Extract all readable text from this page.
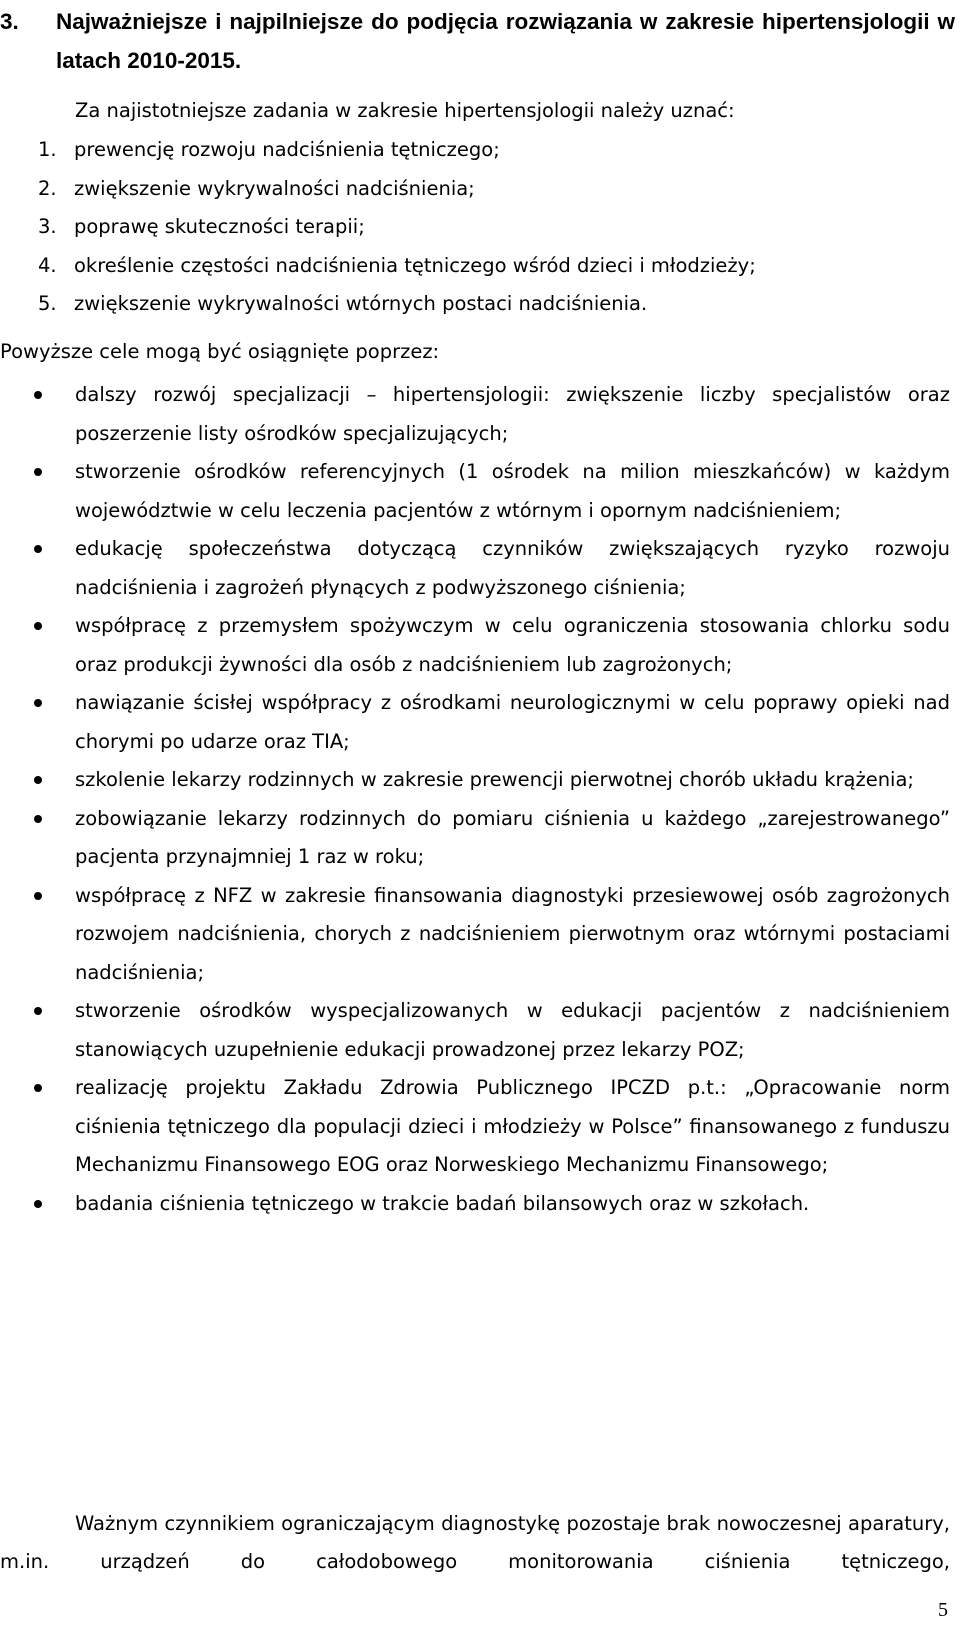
3. Najważniejsze i najpilniejsze do podjęcia rozwiązania w zakresie hipertensjologii w latach 2010-2015.
Za najistotniejsze zadania w zakresie hipertensjologii należy uznać:
1. prewencję rozwoju nadciśnienia tętniczego;
2. zwiększenie wykrywalności nadciśnienia;
3. poprawę skuteczności terapii;
4. określenie częstości nadciśnienia tętniczego wśród dzieci i młodzieży;
5. zwiększenie wykrywalności wtórnych postaci nadciśnienia.
Powyższe cele mogą być osiągnięte poprzez:
dalszy rozwój specjalizacji – hipertensjologii: zwiększenie liczby specjalistów oraz poszerzenie listy ośrodków specjalizujących;
stworzenie ośrodków referencyjnych (1 ośrodek na milion mieszkańców) w każdym województwie w celu leczenia pacjentów z wtórnym i opornym nadciśnieniem;
edukację społeczeństwa dotyczącą czynników zwiększających ryzyko rozwoju nadciśnienia i zagrożeń płynących z podwyższonego ciśnienia;
współpracę z przemysłem spożywczym w celu ograniczenia stosowania chlorku sodu oraz produkcji żywności dla osób z nadciśnieniem lub zagrożonych;
nawiązanie ścisłej współpracy z ośrodkami neurologicznymi w celu poprawy opieki nad chorymi po udarze oraz TIA;
szkolenie lekarzy rodzinnych w zakresie prewencji pierwotnej chorób układu krążenia;
zobowiązanie lekarzy rodzinnych do pomiaru ciśnienia u każdego „zarejestrowanego” pacjenta przynajmniej 1 raz w roku;
współpracę z NFZ w zakresie finansowania diagnostyki przesiewowej osób zagrożonych rozwojem nadciśnienia, chorych z nadciśnieniem pierwotnym oraz wtórnymi postaciami nadciśnienia;
stworzenie ośrodków wyspecjalizowanych w edukacji pacjentów z nadciśnieniem stanowiących uzupełnienie edukacji prowadzonej przez lekarzy POZ;
realizację projektu Zakładu Zdrowia Publicznego IPCZD p.t.: „Opracowanie norm ciśnienia tętniczego dla populacji dzieci i młodzieży w Polsce” finansowanego z funduszu Mechanizmu Finansowego EOG oraz Norweskiego Mechanizmu Finansowego;
badania ciśnienia tętniczego w trakcie badań bilansowych oraz w szkołach.
Ważnym czynnikiem ograniczającym diagnostykę pozostaje brak nowoczesnej aparatury, m.in. urządzeń do całodobowego monitorowania ciśnienia tętniczego,
5
